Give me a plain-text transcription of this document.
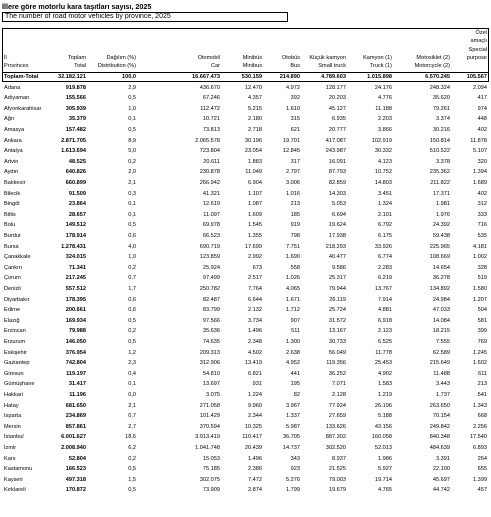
İllere göre motorlu kara taşıtları sayısı, 2025
The number of road motor vehicles by province, 2025
Özel
amaçlı
İl	Toplam	Dağılım (%)	Otomobil	Minibüs	Otobüs	Küçük kamyon	Kamyon (1)	Motosiklet (2)
Special
Provinces	Total	Distribution (%)	Car	Minibus	Bus	Small truck	Truck (1)	Motorcycle (2)
purpose
Toplam-Total	32.182.121	100,0	16.667.473	530.159	214.890	4.789.603	1.015.898	6.570.245	105.567
Adana	919.878	2,9	436.670	12.470	4.972	128.177	24.176	248.324	2.094
Adıyaman	155.566	0,5	67.246	4.357	392	20.203	4.776	35.620	417
Afyonkarahisar	305.939	1,0	112.472	5.215	1.610	45.127	11.188	79.261	974
Ağrı	35.379	0,1	10.721	2.180	315	6.935	2.203	3.374	448
Amasya	157.482	0,5	73.813	2.718	621	20.777	3.866	30.216	402
Ankara	2.871.705	8,9	2.065.578	30.196	19.701	417.087	102.919	150.814	11.878
Antalya	1.613.694	5,0	723.804	23.054	12.845	243.987	30.332	510.522	5.107
Artvin	48.525	0,2	20.611	1.883	317	16.091	4.123	3.378	320
Aydın	640.826	2,0	230.878	11.049	2.797	87.793	10.752	235.362	1.394
Balıkesir	660.899	2,1	266.942	6.904	3.006	82.859	14.803	211.822	1.689
Bilecik	91.509	0,3	41.321	1.107	1.016	14.303	3.451	17.371	402
Bingöl	23.864	0,1	12.619	1.087	213	5.053	1.324	1.981	312
Bitlis	28.657	0,1	11.097	1.609	185	6.694	2.101	1.976	333
Bolu	149.512	0,5	69.978	1.545	919	19.624	6.792	24.392	716
Burdur	178.914	0,6	66.523	1.355	798	17.938	6.175	59.438	535
Bursa	1.278.431	4,0	690.719	17.699	7.751	218.293	33.926	225.965	4.181
Çanakkale	324.015	1,0	123.859	2.992	1.690	40.477	6.774	108.669	1.002
Çankırı	71.341	0,2	25.924	673	558	9.586	2.283	14.654	328
Çorum	217.245	0,7	97.499	2.517	1.026	25.317	6.219	36.278	519
Denizli	557.512	1,7	250.782	7.764	4.065	79.944	13.767	134.892	1.580
Diyarbakır	178.395	0,6	82.487	6.644	1.671	26.119	7.914	24.984	1.207
Edirne	200.661	0,6	83.799	2.132	1.712	25.724	4.881	47.033	504
Elazığ	169.934	0,5	97.566	3.734	907	31.572	6.918	14.084	581
Erzincan	79.988	0,2	35.636	1.496	511	13.167	2.123	18.215	399
Erzurum	146.050	0,5	74.635	2.348	1.300	30.733	6.525	7.555	769
Eskişehir	376.954	1,2	209.313	4.502	2.638	56.049	11.778	62.589	1.245
Gaziantep	742.804	2,3	312.906	13.419	4.952	119.356	25.453	215.649	1.602
Giresun	119.197	0,4	54.810	6.821	441	36.252	4.902	11.488	611
Gümüşhane	31.417	0,1	13.697	931	195	7.071	1.583	3.443	213
Hakkari	11.196	0,0	3.075	1.224	82	2.128	1.219	1.737	541
Hatay	681.650	2,1	271.058	9.960	3.967	77.924	26.196	263.650	1.343
Isparta	234.869	0,7	101.429	2.344	1.337	27.659	5.188	70.154	668
Mersin	857.861	2,7	370.594	10.325	5.987	133.626	43.156	249.842	2.256
İstanbul	6.001.627	18,6	3.913.419	110.417	36.705	887.302	160.058	840.348	17.540
İzmir	2.008.940	6,2	1.041.748	20.439	14.737	302.520	52.013	484.639	6.893
Kars	52.804	0,2	15.053	1.496	343	8.937	1.986	3.391	264
Kastamonu	166.523	0,5	75.185	2.386	923	21.525	5.927	22.100	655
Kayseri	497.318	1,5	302.075	7.472	5.276	79.003	19.714	45.697	1.399
Kırklareli	170.872	0,5	73.909	2.874	1.799	19.679	4.765	44.742	457
